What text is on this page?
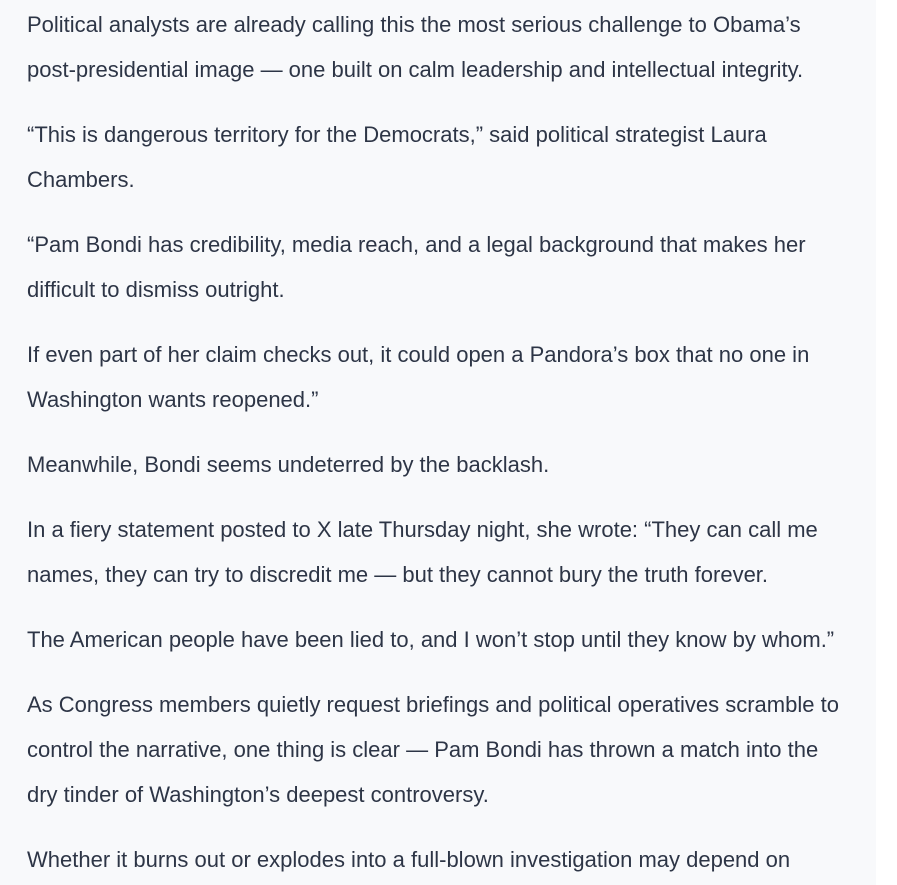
Political analysts are already calling this the most serious challenge to Obama’s post-presidential image — one built on calm leadership and intellectual integrity.

“This is dangerous territory for the Democrats,” said political strategist Laura Chambers.

“Pam Bondi has credibility, media reach, and a legal background that makes her difficult to dismiss outright.

If even part of her claim checks out, it could open a Pandora’s box that no one in Washington wants reopened.”

Meanwhile, Bondi seems undeterred by the backlash.

In a fiery statement posted to X late Thursday night, she wrote: “They can call me names, they can try to discredit me — but they cannot bury the truth forever.

The American people have been lied to, and I won’t stop until they know by whom.”

As Congress members quietly request briefings and political operatives scramble to control the narrative, one thing is clear — Pam Bondi has thrown a match into the dry tinder of Washington’s deepest controversy.

Whether it burns out or explodes into a full-blown investigation may depend on
